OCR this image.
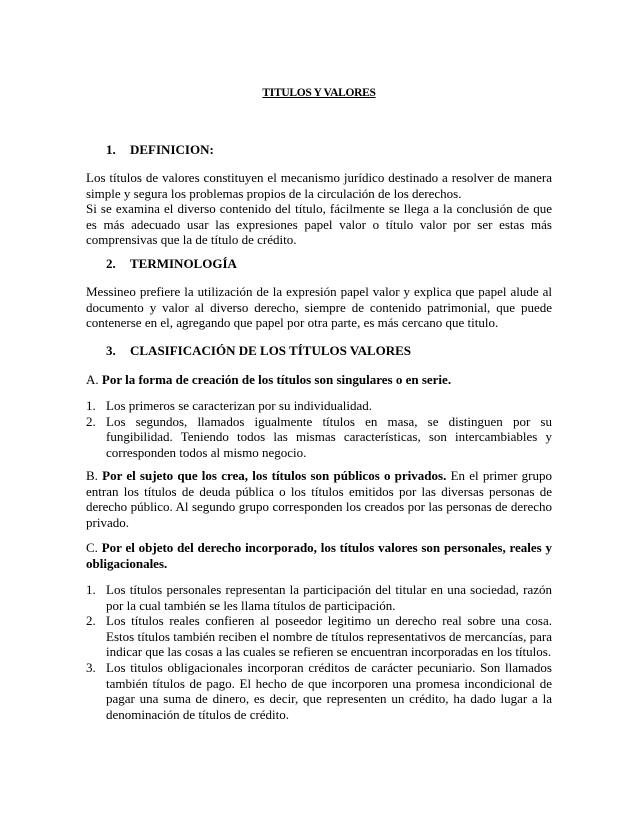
TITULOS Y VALORES
1. DEFINICION:

Los títulos de valores constituyen el mecanismo jurídico destinado a resolver de manera simple y segura los problemas propios de la circulación de los derechos.

Si se examina el diverso contenido del título, fácilmente se llega a la conclusión de que es más adecuado usar las expresiones papel valor o título valor por ser estas más comprensivas que la de título de crédito.

2. TERMINOLOGÍA

Messineo prefiere la utilización de la expresión papel valor y explica que papel alude al documento y valor al diverso derecho, siempre de contenido patrimonial, que puede contenerse en el, agregando que papel por otra parte, es más cercano que titulo.

3. CLASIFICACIÓN DE LOS TÍTULOS VALORES

A. Por la forma de creación de los títulos son singulares o en serie.

1. Los primeros se caracterizan por su individualidad.
2. Los segundos, llamados igualmente títulos en masa, se distinguen por su fungibilidad. Teniendo todos las mismas características, son intercambiables y corresponden todos al mismo negocio.

B. Por el sujeto que los crea, los títulos son públicos o privados. En el primer grupo entran los títulos de deuda pública o los títulos emitidos por las diversas personas de derecho público. Al segundo grupo corresponden los creados por las personas de derecho privado.

C. Por el objeto del derecho incorporado, los títulos valores son personales, reales y obligacionales.

1. Los títulos personales representan la participación del titular en una sociedad, razón por la cual también se les llama títulos de participación.
2. Los títulos reales confieren al poseedor legitimo un derecho real sobre una cosa. Estos títulos también reciben el nombre de títulos representativos de mercancías, para indicar que las cosas a las cuales se refieren se encuentran incorporadas en los títulos.
3. Los titulos obligacionales incorporan créditos de carácter pecuniario. Son llamados también títulos de pago. El hecho de que incorporen una promesa incondicional de pagar una suma de dinero, es decir, que representen un crédito, ha dado lugar a la denominación de títulos de crédito.
